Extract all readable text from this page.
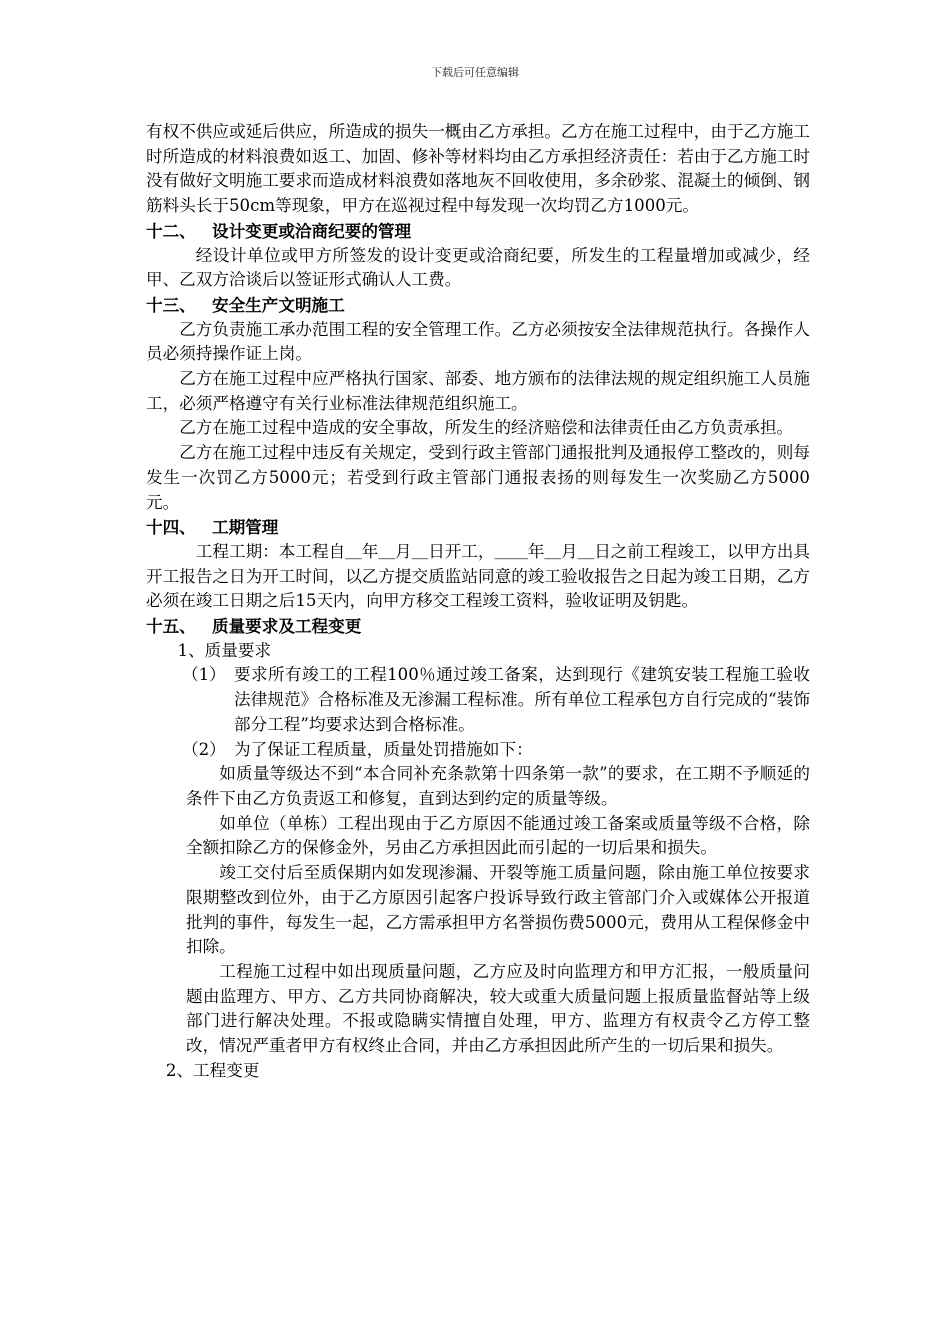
下载后可任意编辑

有权不供应或延后供应，所造成的损失一概由乙方承担。乙方在施工过程中，由于乙方施工时所造成的材料浪费如返工、加固、修补等材料均由乙方承担经济责任：若由于乙方施工时没有做好文明施工要求而造成材料浪费如落地灰不回收使用，多余砂浆、混凝土的倾倒、钢筋料头长于50cm等现象，甲方在巡视过程中每发现一次均罚乙方1000元。

十二、 设计变更或洽商纪要的管理

经设计单位或甲方所签发的设计变更或洽商纪要，所发生的工程量增加或减少，经甲、乙双方洽谈后以签证形式确认人工费。

十三、 安全生产文明施工

乙方负责施工承办范围工程的安全管理工作。乙方必须按安全法律规范执行。各操作人员必须持操作证上岗。

乙方在施工过程中应严格执行国家、部委、地方颁布的法律法规的规定组织施工人员施工，必须严格遵守有关行业标准法律规范组织施工。

乙方在施工过程中造成的安全事故，所发生的经济赔偿和法律责任由乙方负责承担。

乙方在施工过程中违反有关规定，受到行政主管部门通报批判及通报停工整改的，则每发生一次罚乙方5000元；若受到行政主管部门通报表扬的则每发生一次奖励乙方5000元。

十四、 工期管理

工程工期：本工程自＿年＿月＿日开工，＿＿年＿月＿日之前工程竣工，以甲方出具开工报告之日为开工时间，以乙方提交质监站同意的竣工验收报告之日起为竣工日期，乙方必须在竣工日期之后15天内，向甲方移交工程竣工资料，验收证明及钥匙。

十五、 质量要求及工程变更

1、质量要求

（1） 要求所有竣工的工程100％通过竣工备案，达到现行《建筑安装工程施工验收法律规范》合格标准及无渗漏工程标准。所有单位工程承包方自行完成的“装饰部分工程”均要求达到合格标准。

（2） 为了保证工程质量，质量处罚措施如下：

如质量等级达不到“本合同补充条款第十四条第一款”的要求，在工期不予顺延的条件下由乙方负责返工和修复，直到达到约定的质量等级。

如单位（单栋）工程出现由于乙方原因不能通过竣工备案或质量等级不合格，除全额扣除乙方的保修金外，另由乙方承担因此而引起的一切后果和损失。

竣工交付后至质保期内如发现渗漏、开裂等施工质量问题，除由施工单位按要求限期整改到位外，由于乙方原因引起客户投诉导致行政主管部门介入或媒体公开报道批判的事件，每发生一起，乙方需承担甲方名誉损伤费5000元，费用从工程保修金中扣除。

工程施工过程中如出现质量问题，乙方应及时向监理方和甲方汇报，一般质量问题由监理方、甲方、乙方共同协商解决，较大或重大质量问题上报质量监督站等上级部门进行解决处理。不报或隐瞒实情擅自处理，甲方、监理方有权责令乙方停工整改，情况严重者甲方有权终止合同，并由乙方承担因此所产生的一切后果和损失。

2、工程变更
